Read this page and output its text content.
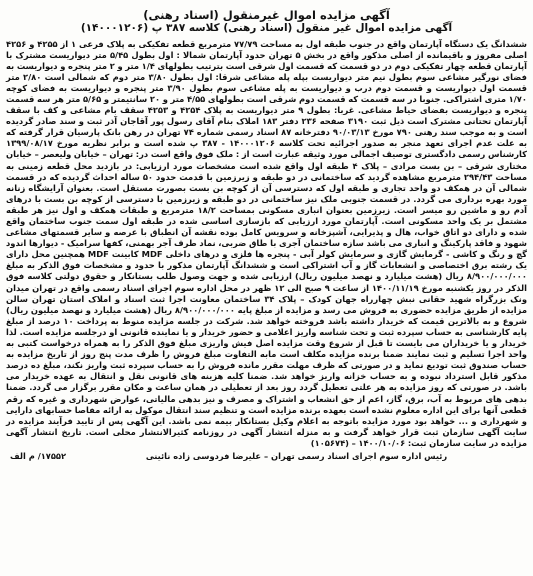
آگهی مزایده اموال غیرمنقول (اسناد رهنی)
آگهی مزایده اموال غیر منقول (اسناد رهنی) کلاسه ۳۸۷ پ (۱۴۰۰۰۱۲۰۶)

ششدانگ یک دستگاه آپارتمان واقع در جنوب طبقه اول به مساحت ۷۷/۷۹ مترمربع قطعه تفکیکی به پلاک فرعی ۱ از ۴۲۵۵ و ۴۲۵۶ اصلی مفروز و باقیمانده از اصلی مذکور واقع در بخش ۵ تهران حدود آپارتمان شمالا : اول بطول ۵/۴۵ متر دیواریست مشترک با آپارتمان قطعه چهار تفکیکی دوم در دو قسمت که قسمت اول شرقی است بترتیب بطولهای ۱/۴ متر و ۲ متر پنجره و دیواریست به فضای نورگیر مشاعی سوم بطول نیم متر دیواریست بپله پله مشاعی شرقا: اول بطول ۳/۸۰ متر دوم که شمالی است ۲/۸۰ متر قسمت اول دیواریست و قسمت دوم درب و دیواریست به پله مشاعی سوم بطول ۳/۹۰ متر پنجره و دیواریست به فضای کوچه ۱/۷۰ متری اشتراکی. جنوبا در سه قسمت که قسمت دوم شرقی است بطولهای ۴/۵۵ متر و ۲۰ سانتیمتر و ۵/۶۵ متر هر سه قسمت پنجره و دیواریست بفضای حیاط مشاعی. غربا: بطول ۹ متر دیواریست به پلاک ۴۲۵۴ و ۴۲۵۳ سقف بام مشاعی و کف با سقف آپارتمان تحتانی مشترک است ذیل ثبت ۳۱۹۰ صفحه ۲۳۶ دفتر ۱۸۳ املاک بنام آقای رسول پور آقاجان آذر ثبت و سند صادر گردیده است و به موجب سند رهنی ۷۹۰ مورخ ۹۰/۰۳/۱۳ دفترخانه ۸۷ اسناد رسمی شماره ۷۴ تهران در رهن بانک پارسیان قرار گرفته که به علت عدم اجرای تعهد منجر به صدور اجرائیه تحت کلاسه ۱۴۰۰۰۱۲۰۶ - ۳۸۷ پ شده است و برابر نظریه مورخ ۱۳۹۹/۰۸/۱۷ کارشناس رسمی دادگستری توصیف اجمالی مورد وثیقه عبارت است از : ملک فوق واقع است در: تهران – خیابان ولیعصر – خیابان مختاری شرقی – بن بست مرادی – پلاک ۴ طبقه اول واقع شده است مشخصات مورد ارزیابی: در بازدید محل قطعه زمینی به مساحت ۲۹۴/۴۳ مترمربع مشاهده گردید که ساختمانی در دو طبقه و زیرزمین با قدمت حدود ۵۰ ساله احداث گردیده که در قسمت شمالی آن در همکف دو واحد تجاری و طبقه اول که دسترسی آن از کوچه بن بست بصورت مستقل است. بعنوان آرایشگاه زنانه مورد بهره برداری می گردد. در قسمت جنوبی ملک نیز ساختمانی در دو طبقه و زیرزمین با دسترسی از کوچه بن بست با درهای آدم رو و ماشین رو میسر است. زیرزمین بعنوان انباری مسکونی بمساحت ۱۸/۲ مترمربع و طبقات همکف و اول نیز هر طبقه مشتمل بر یک واحد مسکونی است. آپارتمان مورد ارزیابی که بازسازی اساسی شده در طبقه اول سمت جنوب ساختمان واقع شده و دارای دو اتاق خواب، هال و پذیرایی، آشپزخانه و سرویس کامل بوده نقشه آن انطباق با عرصه و سایر قسمتهای مشاعی شهود و فاقد پارکینگ و انباری می باشد سازه ساختمان آجری با طاق ضربی، نماد طرف آجر بهمنی، کفها سرامیک - دیوارها اندود گچ و رنگ و کاشی - گرمایش گازی و سرمایش کولر آبی - پنجره ها فلزی و درهای داخلی MDF کابینت MDF همچنین محل دارای یک رشته برق اختصاصی و انشعابات گاز و آب اشتراکی است و ششدانگ آپارتمان مذکور با حدود و مشخصات فوق الذکر به مبلغ ۸/۹۰۰/۰۰۰/۰۰۰ ریال (هشت میلیارد و نهصد میلیون ریال) ارزیابی شده و جهت وصول طلب بستانکار و حقوق دولتی کلاسه فوق الذکر در روز یکشنبه مورخ ۱۴۰۰/۱۱/۱۹ از ساعت ۹ صبح الی ۱۲ ظهر در محل اداره سوم اجرای اسناد رسمی واقع در تهران میدان ونک بزرگراه شهید حقانی نبش چهارراه جهان کودک – پلاک ۳۴ ساختمان معاونت اجرا ثبت اسناد و املاک استان تهران سالن مزایده از طریق مزایده حضوری به فروش می رسد و مزایده از مبلغ پایه ۸/۹۰۰/۰۰۰/۰۰۰ ریال (هشت میلیارد و نهصد میلیون ریال) شروع و به بالاترین قیمت که خریدار داشته باشد فروخته خواهد شد. شرکت در جلسه مزایده منوط به پرداخت ۱۰ درصد از مبلغ پایه کارشناسی به حساب سپرده ثبت و تحت شناسه واریز اعلامی و حضور خریدار و یا نماینده قانونی او درجلسه مزایده است. لذا خریدار و یا خریداران می بایست تا قبل از شروع وقت مزایده اصل فیش واریزی مبلغ فوق الذکر را به همراه درخواست کتبی به واحد اجرا تسلیم و ثبت نمایند ضمنا برنده مزایده مکلف است مابه التفاوت مبلغ فروش را ظرف مدت پنج روز از تاریخ مزایده به حساب صندوق ثبت تودیع نماید و در صورتی که ظرف مهلت مقرر مانده فروش را به حساب سپرده ثبت واریز نکند، مبلغ ده درصد مذکور قابل استرداد نبوده و به حساب خزانه واریز خواهد شد. ضمنا کلیه هزینه های قانونی نقل و انتقال به عهده خریدار می باشد. در صورتی که روز مزایده به هر علتی تعطیل گردد روز بعد از تعطیلی در همان ساعت و مکان مقرر برگزار می گردد. ضمنا بدهی های مربوط به آب، برق، گاز، اعم از حق انشعاب و اشتراک و مصرف و نیز بدهی مالیاتی، عوارض شهرداری و غیره که رقم قطعی آنها برای این اداره معلوم نشده است بعهده برنده مزایده است و تنظیم سند انتقال موکول به ارائه مفاصا حسابهای دارایی و شهرداری و ... خواهد بود مورد مزایده باتوجه به اعلام وکیل بستانکار بیمه نمی باشد. این آگهی پس از تایید فرآیند مزایده در سایت آگهی سازمان ثبت قرار خواهد گرفت و به منزله انتشار آگهی در روزنامه کثیرالانتشار محلی است. تاریخ انتشار آگهی مزایده در سایت سازمان ثبت: ۱۴۰۰/۱۰/۰۶ – (۱۰۵۶۷۴)

رئیس اداره سوم اجرای اسناد رسمی تهران – علیرضا فردوسی زاده نائینی
۱۷۵۵۲/ م الف
